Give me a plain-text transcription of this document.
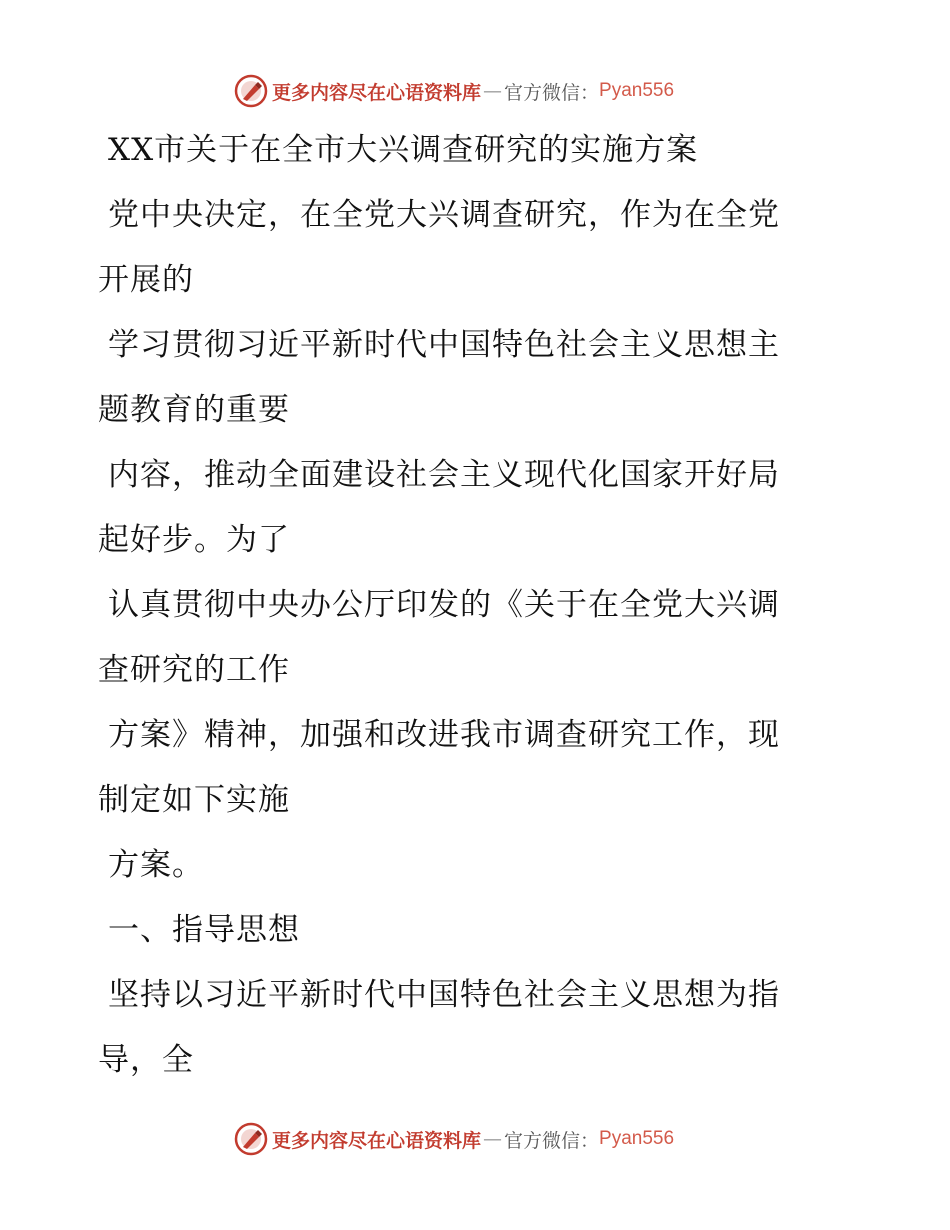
更多内容尽在心语资料库 — 官方微信： Pyan556
XX市关于在全市大兴调查研究的实施方案
党中央决定，在全党大兴调查研究，作为在全党
开展的
学习贯彻习近平新时代中国特色社会主义思想主
题教育的重要
内容，推动全面建设社会主义现代化国家开好局
起好步。为了
认真贯彻中央办公厅印发的《关于在全党大兴调
查研究的工作
方案》精神，加强和改进我市调查研究工作，现
制定如下实施
方案。
一、指导思想
坚持以习近平新时代中国特色社会主义思想为指
导，全
更多内容尽在心语资料库 — 官方微信： Pyan556
